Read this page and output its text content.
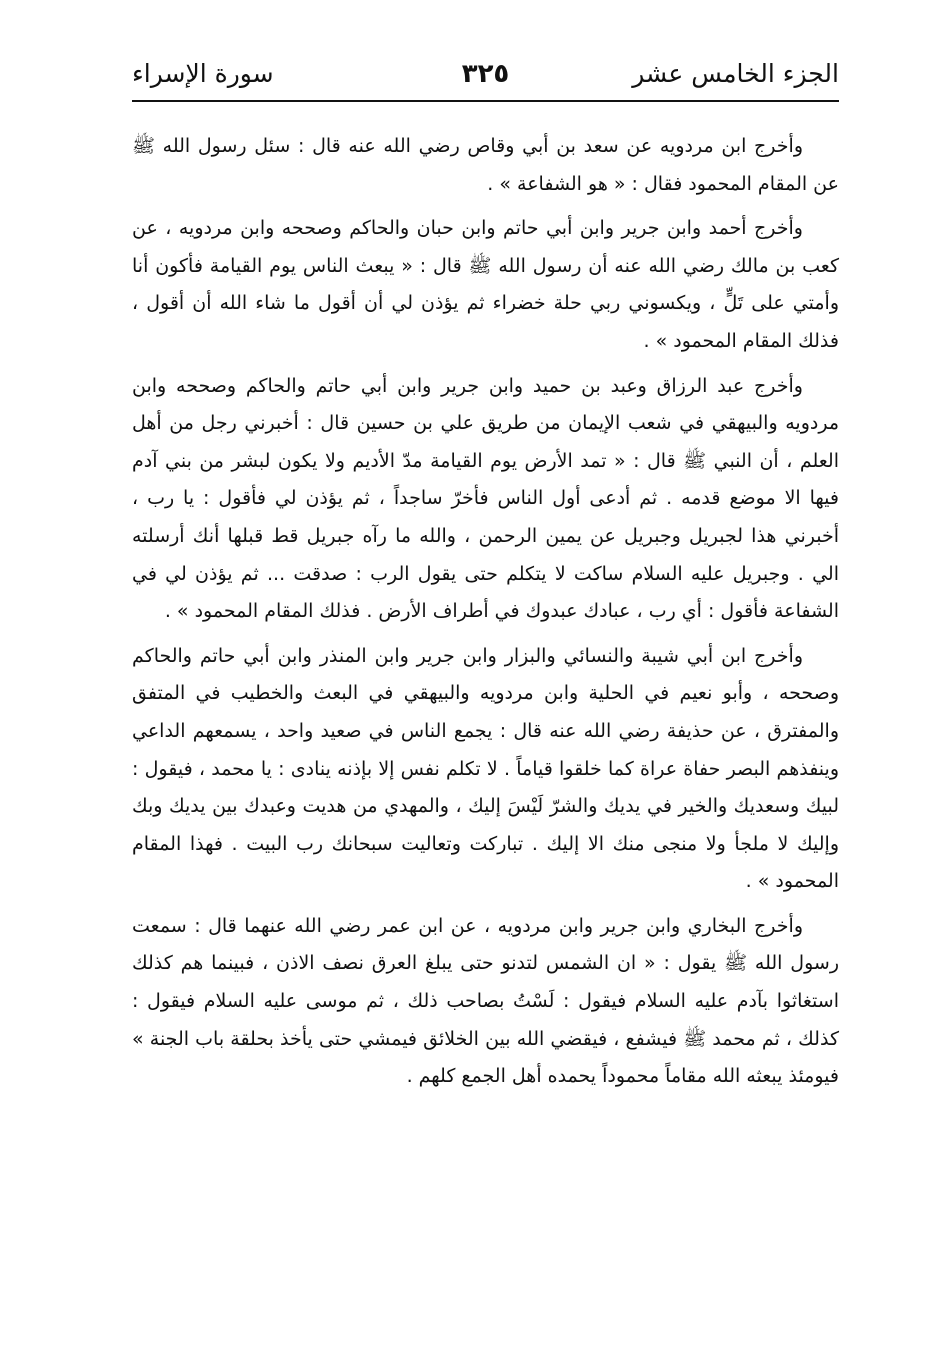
الجزء الخامس عشر
٣٢٥
سورة الإسراء

وأخرج ابن مردويه عن سعد بن أبي وقاص رضي الله عنه قال : سئل رسول الله ﷺ عن المقام المحمود فقال : « هو الشفاعة » .

وأخرج أحمد وابن جرير وابن أبي حاتم وابن حبان والحاكم وصححه وابن مردويه ، عن كعب بن مالك رضي الله عنه أن رسول الله ﷺ قال : « يبعث الناس يوم القيامة فأكون أنا وأمتي على تَلٍّ ، ويكسوني ربي حلة خضراء ثم يؤذن لي أن أقول ما شاء الله أن أقول ، فذلك المقام المحمود » .

وأخرج عبد الرزاق وعبد بن حميد وابن جرير وابن أبي حاتم والحاكم وصححه وابن مردويه والبيهقي في شعب الإيمان من طريق علي بن حسين قال : أخبرني رجل من أهل العلم ، أن النبي ﷺ قال : « تمد الأرض يوم القيامة مدّ الأديم ولا يكون لبشر من بني آدم فيها الا موضع قدمه . ثم أدعى أول الناس فأخرّ ساجداً ، ثم يؤذن لي فأقول : يا رب ، أخبرني هذا لجبريل وجبريل عن يمين الرحمن ، والله ما رآه جبريل قط قبلها أنك أرسلته الي . وجبريل عليه السلام ساكت لا يتكلم حتى يقول الرب : صدقت ... ثم يؤذن لي في الشفاعة فأقول : أي رب ، عبادك عبدوك في أطراف الأرض . فذلك المقام المحمود » .

وأخرج ابن أبي شيبة والنسائي والبزار وابن جرير وابن المنذر وابن أبي حاتم والحاكم وصححه ، وأبو نعيم في الحلية وابن مردويه والبيهقي في البعث والخطيب في المتفق والمفترق ، عن حذيفة رضي الله عنه قال : يجمع الناس في صعيد واحد ، يسمعهم الداعي وينفذهم البصر حفاة عراة كما خلقوا قياماً . لا تكلم نفس إلا بإذنه ينادى : يا محمد ، فيقول : لبيك وسعديك والخير في يديك والشرّ لَيْسَ إليك ، والمهدي من هديت وعبدك بين يديك وبك وإليك لا ملجأ ولا منجى منك الا إليك . تباركت وتعاليت سبحانك رب البيت . فهذا المقام المحمود » .

وأخرج البخاري وابن جرير وابن مردويه ، عن ابن عمر رضي الله عنهما قال : سمعت رسول الله ﷺ يقول : « ان الشمس لتدنو حتى يبلغ العرق نصف الاذن ، فبينما هم كذلك استغاثوا بآدم عليه السلام فيقول : لَسْتُ بصاحب ذلك ، ثم موسى عليه السلام فيقول : كذلك ، ثم محمد ﷺ فيشفع ، فيقضي الله بين الخلائق فيمشي حتى يأخذ بحلقة باب الجنة » فيومئذ يبعثه الله مقاماً محموداً يحمده أهل الجمع كلهم .
